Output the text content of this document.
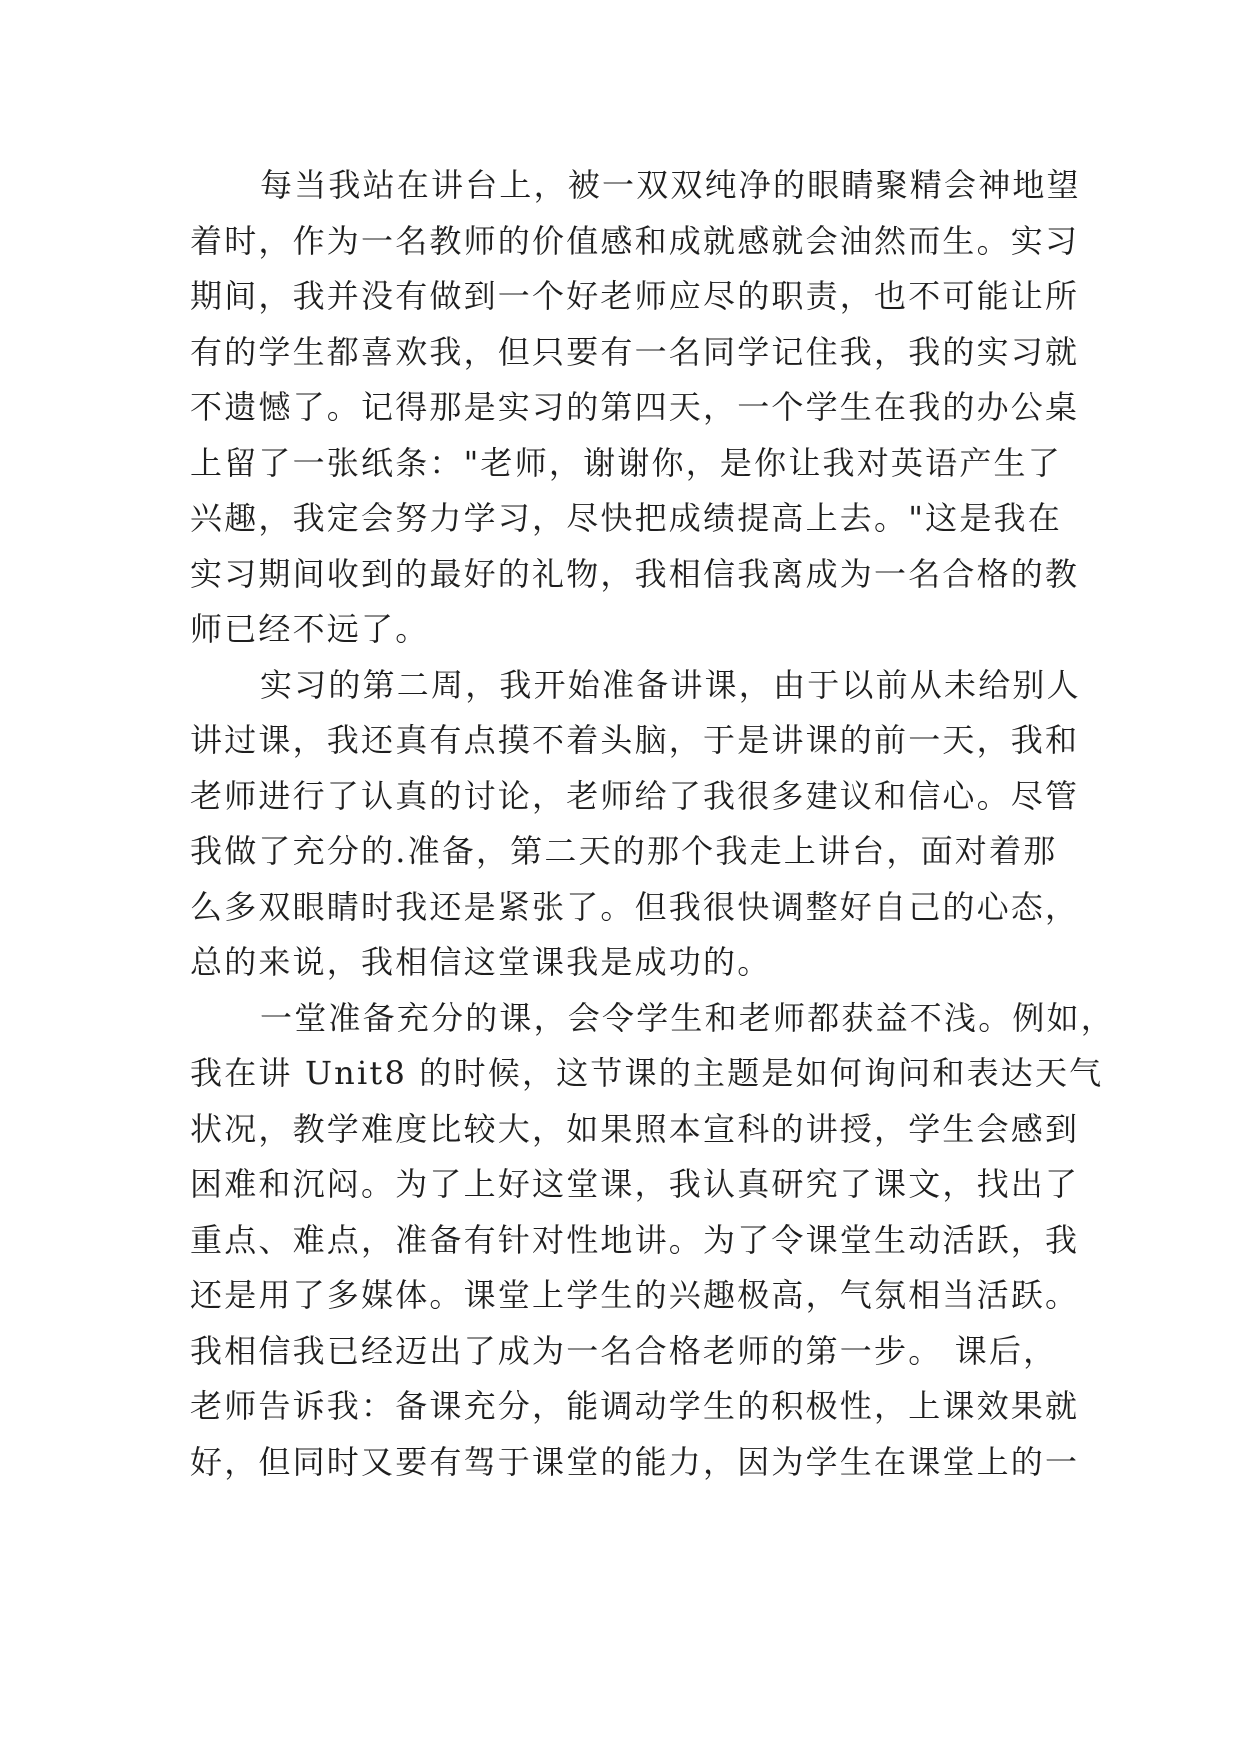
每当我站在讲台上，被一双双纯净的眼睛聚精会神地望
着时，作为一名教师的价值感和成就感就会油然而生。实习
期间，我并没有做到一个好老师应尽的职责，也不可能让所
有的学生都喜欢我，但只要有一名同学记住我，我的实习就
不遗憾了。记得那是实习的第四天，一个学生在我的办公桌
上留了一张纸条："老师，谢谢你，是你让我对英语产生了
兴趣，我定会努力学习，尽快把成绩提高上去。"这是我在
实习期间收到的最好的礼物，我相信我离成为一名合格的教
师已经不远了。
实习的第二周，我开始准备讲课，由于以前从未给别人
讲过课，我还真有点摸不着头脑，于是讲课的前一天，我和
老师进行了认真的讨论，老师给了我很多建议和信心。尽管
我做了充分的.准备，第二天的那个我走上讲台，面对着那
么多双眼睛时我还是紧张了。但我很快调整好自己的心态，
总的来说，我相信这堂课我是成功的。
一堂准备充分的课，会令学生和老师都获益不浅。例如，
我在讲 Unit8 的时候，这节课的主题是如何询问和表达天气
状况，教学难度比较大，如果照本宣科的讲授，学生会感到
困难和沉闷。为了上好这堂课，我认真研究了课文，找出了
重点、难点，准备有针对性地讲。为了令课堂生动活跃，我
还是用了多媒体。课堂上学生的兴趣极高，气氛相当活跃。
我相信我已经迈出了成为一名合格老师的第一步。 课后，
老师告诉我：备课充分，能调动学生的积极性，上课效果就
好，但同时又要有驾于课堂的能力，因为学生在课堂上的一
